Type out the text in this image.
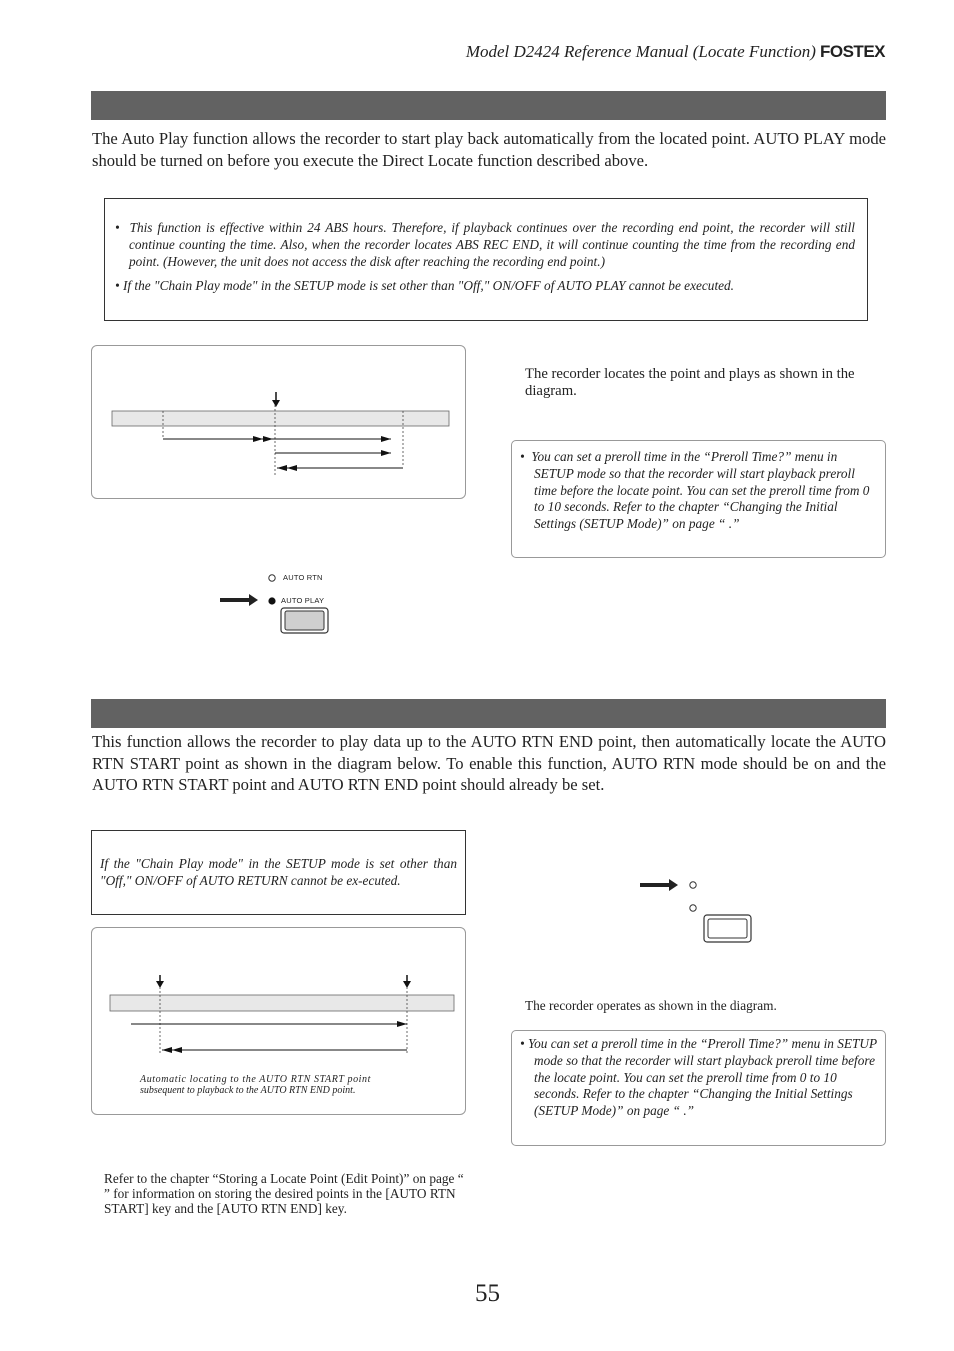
Model D2424 Reference Manual (Locate Function) FOSTEX
The Auto Play function allows the recorder to start play back automatically from the located point. AUTO PLAY mode should be turned on before you execute the Direct Locate function described above.

• This function is effective within 24 ABS hours. Therefore, if playback continues over the recording end point, the recorder will still continue counting the time. Also, when the recorder locates ABS REC END, it will continue counting the time from the recording end point. (However, the unit does not access the disk after reaching the recording end point.)

• If the "Chain Play mode" in the SETUP mode is set other than "Off," ON/OFF of AUTO PLAY cannot be executed.

The recorder locates the point and plays as shown in the diagram.

• You can set a preroll time in the “Preroll Time?” menu in SETUP mode so that the recorder will start playback preroll time before the locate point. You can set the preroll time from 0 to 10 seconds. Refer to the chapter “Changing the Initial Settings (SETUP Mode)” on page “ .”

AUTO RTN
AUTO PLAY
This function allows the recorder to play data up to the AUTO RTN END point, then automatically locate the AUTO RTN START point as shown in the diagram below. To enable this function, AUTO RTN mode should be on and the AUTO RTN START point and AUTO RTN END point should already be set.
If the "Chain Play mode" in the SETUP mode is set other than "Off," ON/OFF of AUTO RETURN cannot be ex-ecuted.
Automatic locating to the AUTO RTN START point
subsequent to playback to the AUTO RTN END point.
Refer to the chapter “Storing a Locate Point (Edit Point)” on page “ ” for information on storing the desired points in the [AUTO RTN START] key and the [AUTO RTN END] key.
The recorder operates as shown in the diagram.

• You can set a preroll time in the “Preroll Time?” menu in SETUP mode so that the recorder will start playback preroll time before the locate point. You can set the preroll time from 0 to 10 seconds. Refer to the chapter “Changing the Initial Settings (SETUP Mode)” on page “ .”

55
